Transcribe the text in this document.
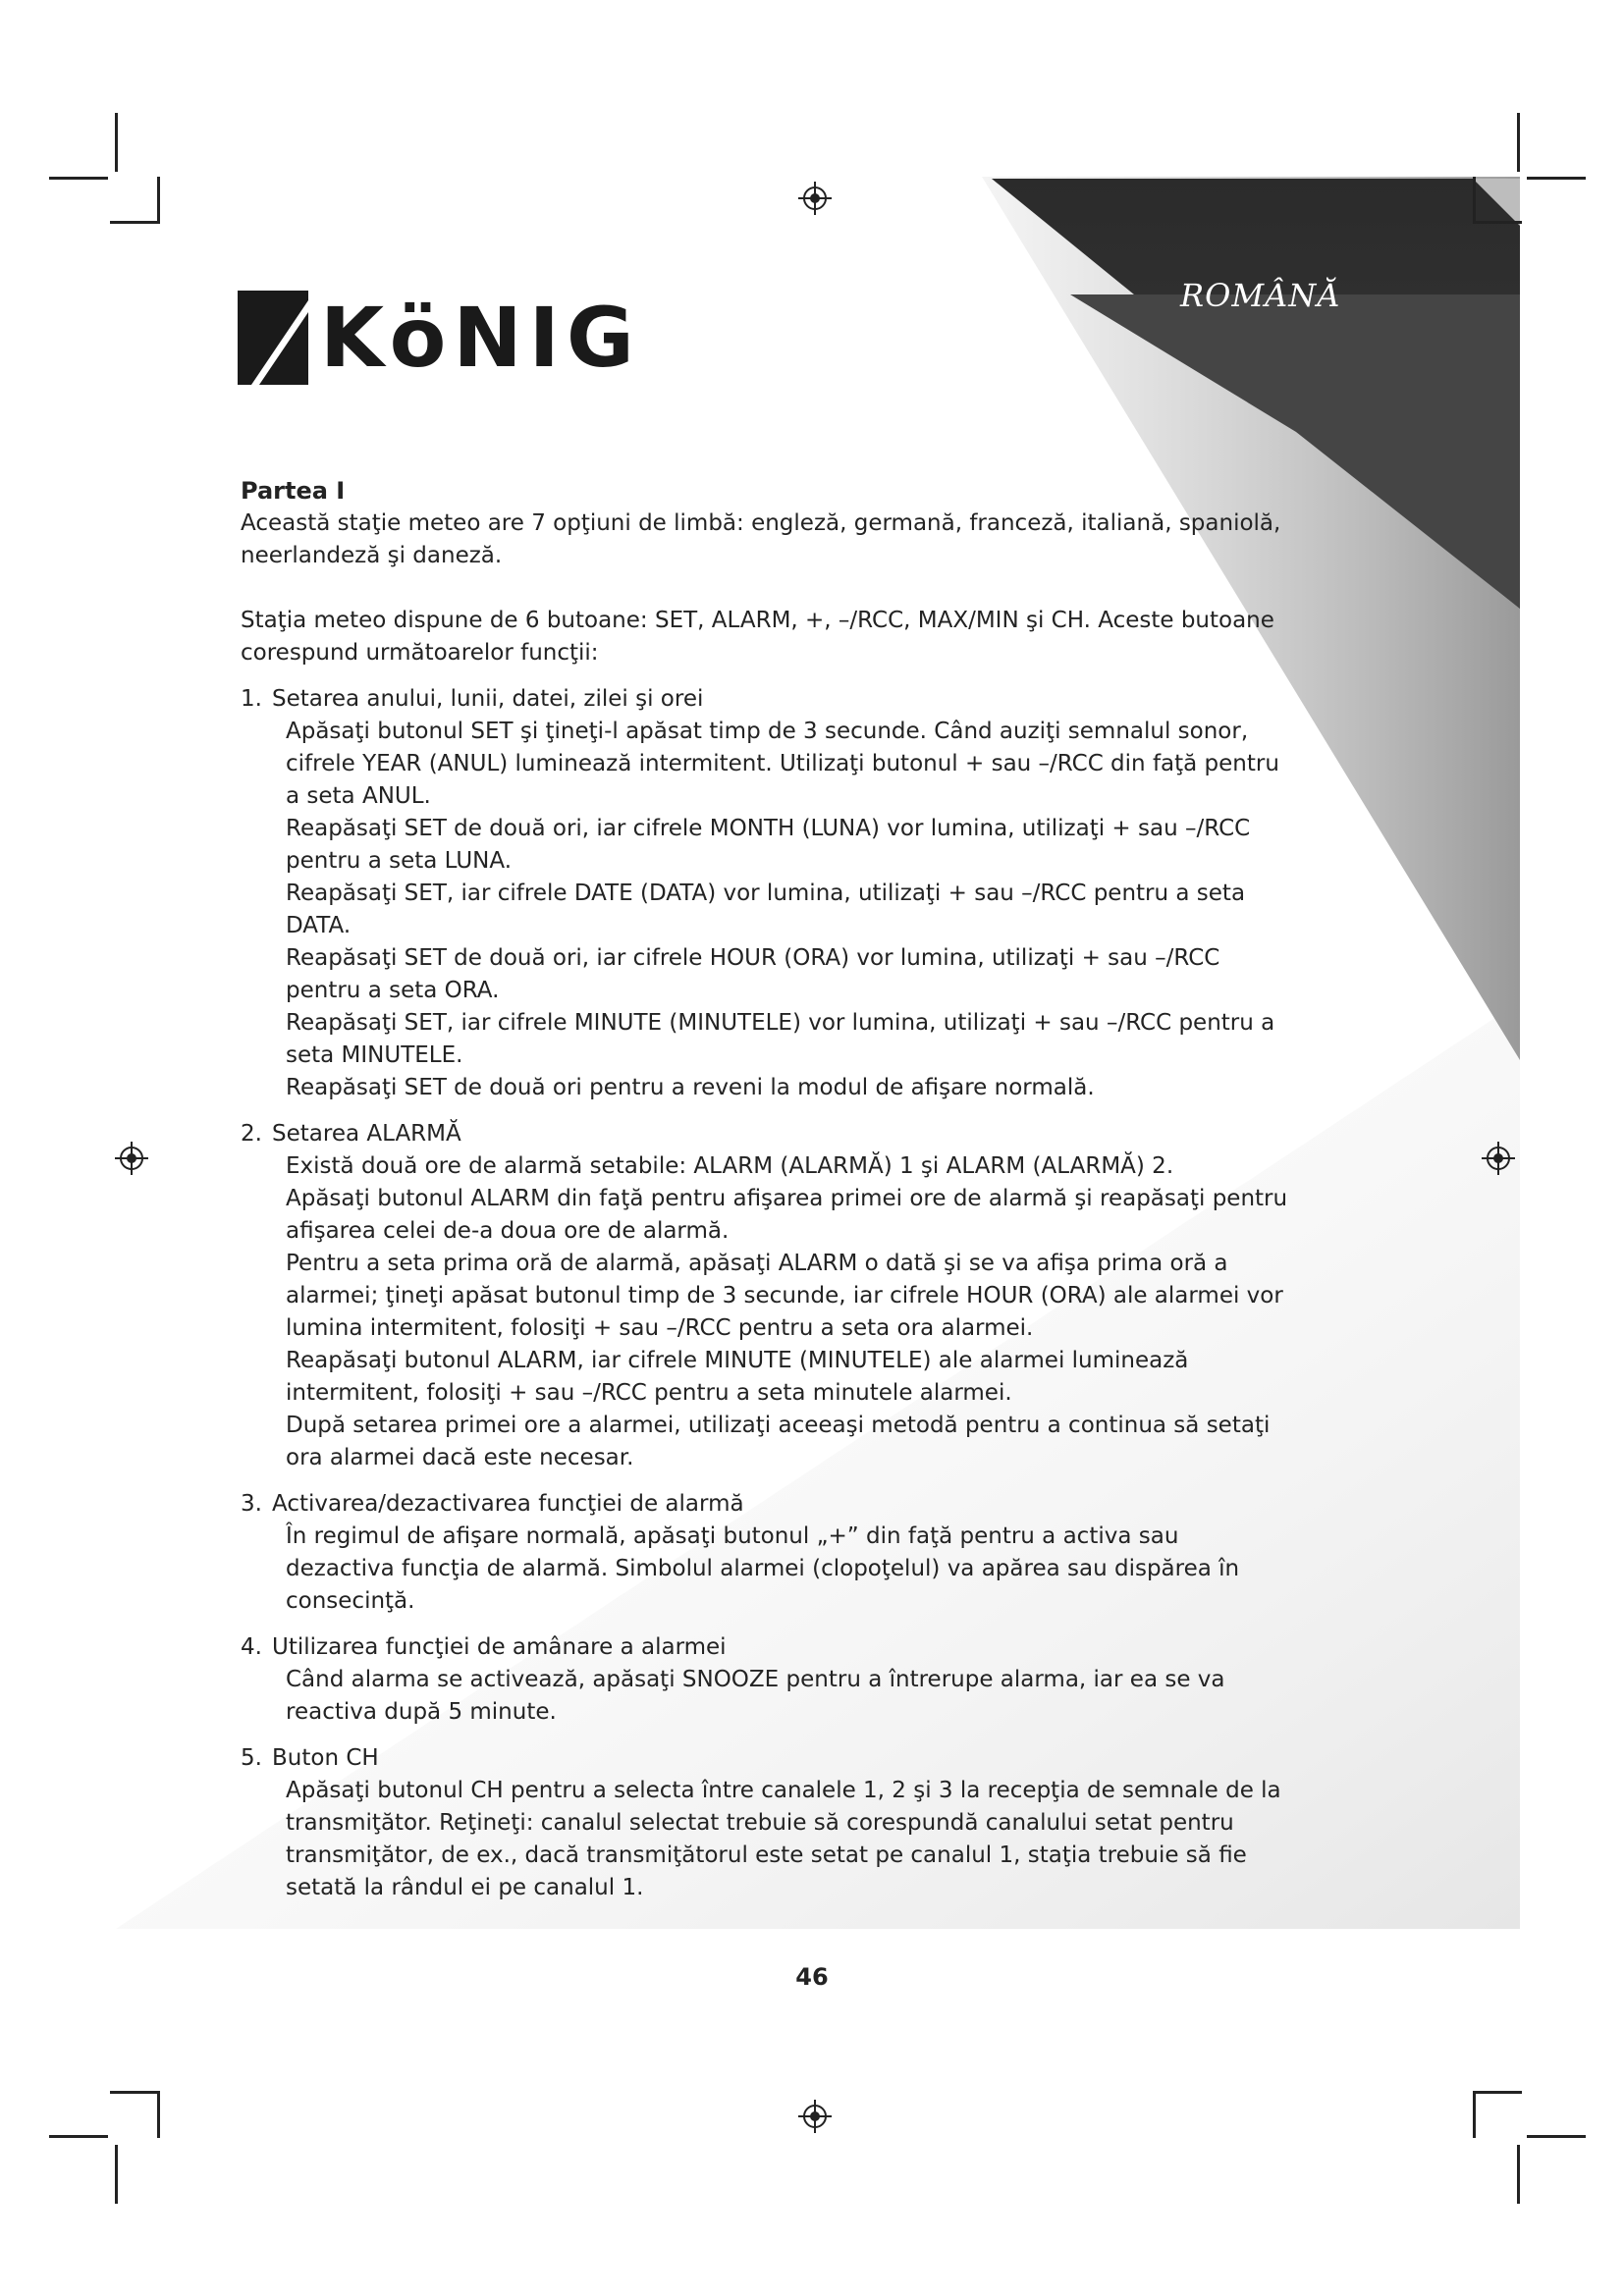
ROMÂNĂ
KöNIG

Partea I

Această staţie meteo are 7 opţiuni de limbă: engleză, germană, franceză, italiană, spaniolă, neerlandeză şi daneză.

Staţia meteo dispune de 6 butoane: SET, ALARM, +, –/RCC, MAX/MIN şi CH. Aceste butoane corespund următoarelor funcţii:

1. Setarea anului, lunii, datei, zilei şi orei

Apăsaţi butonul SET şi ţineţi-l apăsat timp de 3 secunde. Când auziţi semnalul sonor, cifrele YEAR (ANUL) luminează intermitent. Utilizaţi butonul + sau –/RCC din faţă pentru a seta ANUL.

Reapăsaţi SET de două ori, iar cifrele MONTH (LUNA) vor lumina, utilizaţi + sau –/RCC pentru a seta LUNA.

Reapăsaţi SET, iar cifrele DATE (DATA) vor lumina, utilizaţi + sau –/RCC pentru a seta DATA.

Reapăsaţi SET de două ori, iar cifrele HOUR (ORA) vor lumina, utilizaţi + sau –/RCC pentru a seta ORA.

Reapăsaţi SET, iar cifrele MINUTE (MINUTELE) vor lumina, utilizaţi + sau –/RCC pentru a seta MINUTELE.

Reapăsaţi SET de două ori pentru a reveni la modul de afişare normală.

2. Setarea ALARMĂ

Există două ore de alarmă setabile: ALARM (ALARMĂ) 1 şi ALARM (ALARMĂ) 2.

Apăsaţi butonul ALARM din faţă pentru afişarea primei ore de alarmă şi reapăsaţi pentru afişarea celei de-a doua ore de alarmă.

Pentru a seta prima oră de alarmă, apăsaţi ALARM o dată şi se va afişa prima oră a alarmei; ţineţi apăsat butonul timp de 3 secunde, iar cifrele HOUR (ORA) ale alarmei vor lumina intermitent, folosiţi + sau –/RCC pentru a seta ora alarmei.

Reapăsaţi butonul ALARM, iar cifrele MINUTE (MINUTELE) ale alarmei luminează intermitent, folosiţi + sau –/RCC pentru a seta minutele alarmei.

După setarea primei ore a alarmei, utilizaţi aceeaşi metodă pentru a continua să setaţi ora alarmei dacă este necesar.

3. Activarea/dezactivarea funcţiei de alarmă

În regimul de afişare normală, apăsaţi butonul „+” din faţă pentru a activa sau dezactiva funcţia de alarmă. Simbolul alarmei (clopoţelul) va apărea sau dispărea în consecinţă.

4. Utilizarea funcţiei de amânare a alarmei

Când alarma se activează, apăsaţi SNOOZE pentru a întrerupe alarma, iar ea se va reactiva după 5 minute.

5. Buton CH

Apăsaţi butonul CH pentru a selecta între canalele 1, 2 şi 3 la recepţia de semnale de la transmiţător. Reţineţi: canalul selectat trebuie să corespundă canalului setat pentru transmiţător, de ex., dacă transmiţătorul este setat pe canalul 1, staţia trebuie să fie setată la rândul ei pe canalul 1.

46
